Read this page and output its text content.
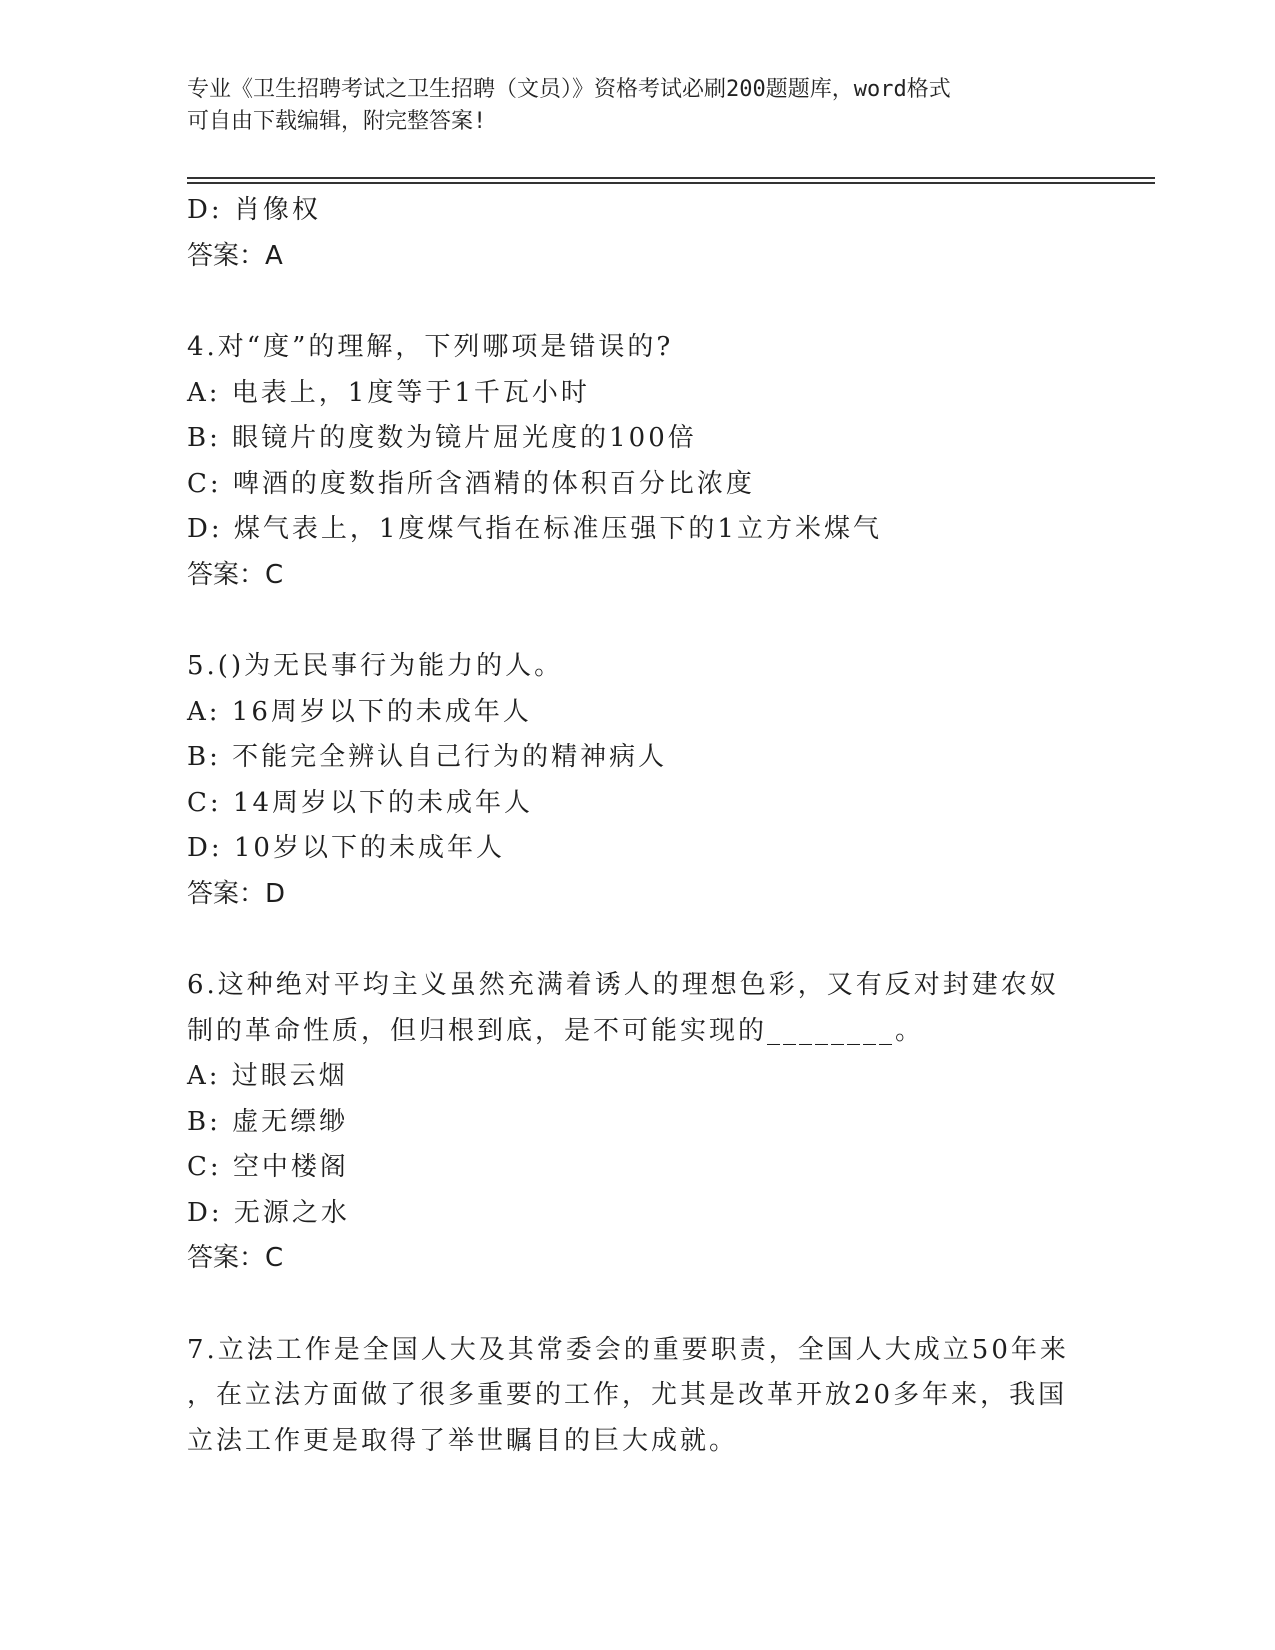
专业《卫生招聘考试之卫生招聘（文员）》资格考试必刷200题题库，word格式
可自由下载编辑，附完整答案!
D: 肖像权
答案：A
4.对“度”的理解，下列哪项是错误的?
A: 电表上，1度等于1千瓦小时
B: 眼镜片的度数为镜片屈光度的100倍
C: 啤酒的度数指所含酒精的体积百分比浓度
D: 煤气表上，1度煤气指在标准压强下的1立方米煤气
答案：C
5.()为无民事行为能力的人。
A: 16周岁以下的未成年人
B: 不能完全辨认自己行为的精神病人
C: 14周岁以下的未成年人
D: 10岁以下的未成年人
答案：D
6.这种绝对平均主义虽然充满着诱人的理想色彩，又有反对封建农奴
制的革命性质，但归根到底，是不可能实现的________。
A: 过眼云烟
B: 虚无缥缈
C: 空中楼阁
D: 无源之水
答案：C
7.立法工作是全国人大及其常委会的重要职责，全国人大成立50年来
，在立法方面做了很多重要的工作，尤其是改革开放20多年来，我国
立法工作更是取得了举世瞩目的巨大成就。
